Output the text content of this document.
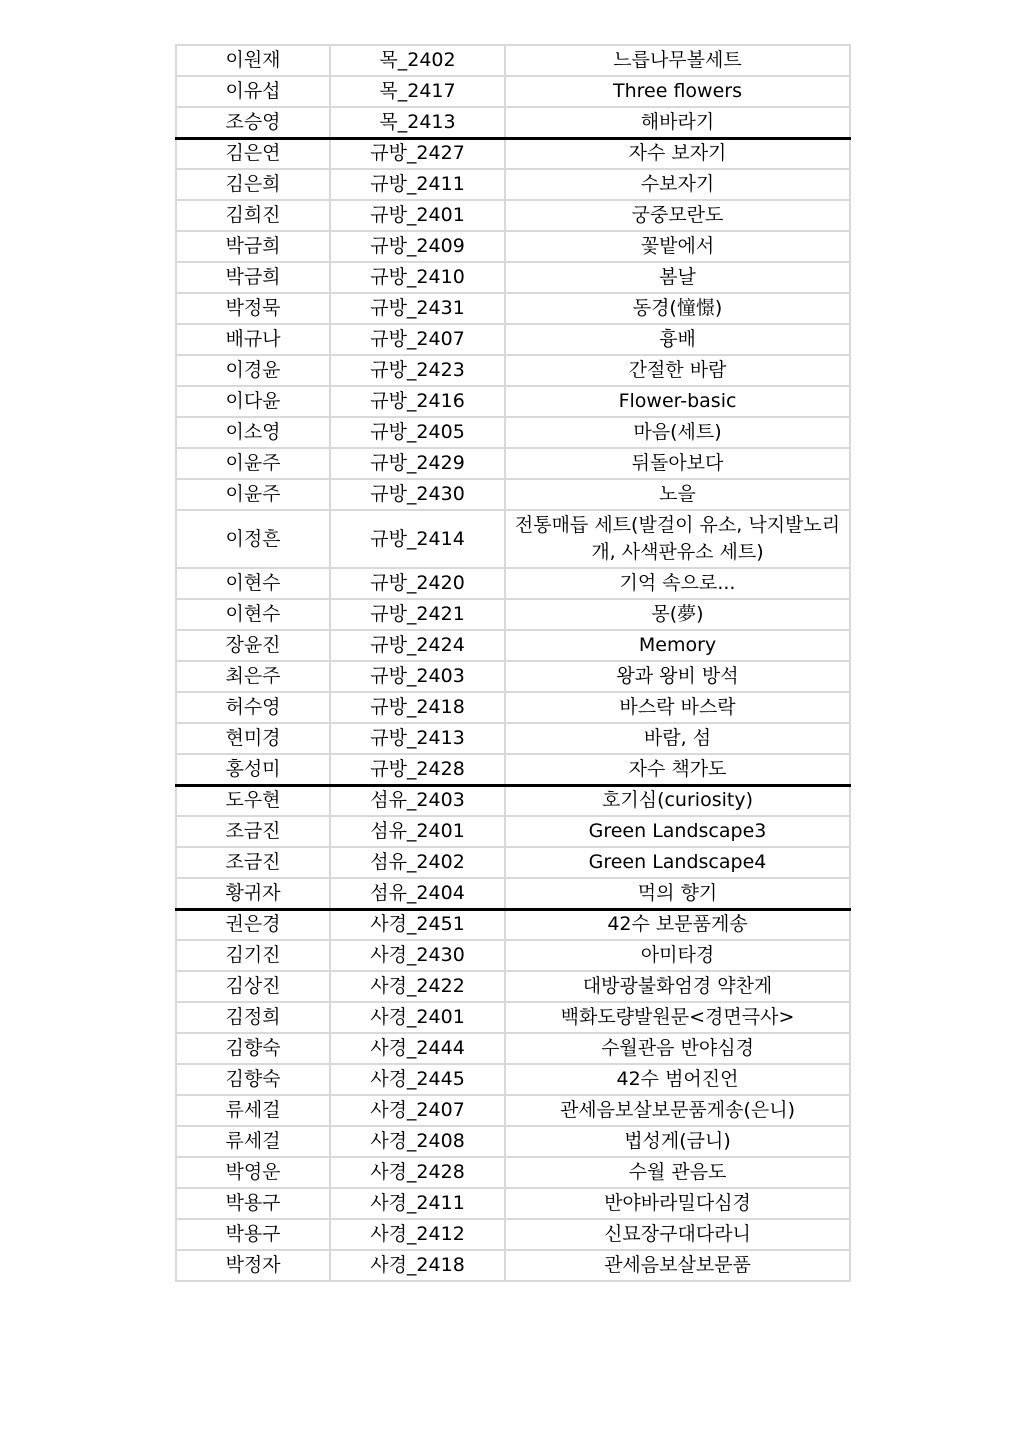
이원재	목_2402	느릅나무볼세트
이유섭	목_2417	Three flowers
조승영	목_2413	해바라기
김은연	규방_2427	자수 보자기
김은희	규방_2411	수보자기
김희진	규방_2401	궁중모란도
박금희	규방_2409	꽃밭에서
박금희	규방_2410	봄날
박정묵	규방_2431	동경(憧憬)
배규나	규방_2407	흉배
이경윤	규방_2423	간절한 바람
이다윤	규방_2416	Flower-basic
이소영	규방_2405	마음(세트)
이윤주	규방_2429	뒤돌아보다
이윤주	규방_2430	노을
이정흔	규방_2414	전통매듭 세트(발걸이 유소, 낙지발노리개, 사색판유소 세트)
이현수	규방_2420	기억 속으로...
이현수	규방_2421	몽(夢)
장윤진	규방_2424	Memory
최은주	규방_2403	왕과 왕비 방석
허수영	규방_2418	바스락 바스락
현미경	규방_2413	바람, 섬
홍성미	규방_2428	자수 책가도
도우현	섬유_2403	호기심(curiosity)
조금진	섬유_2401	Green Landscape3
조금진	섬유_2402	Green Landscape4
황귀자	섬유_2404	먹의 향기
권은경	사경_2451	42수 보문품게송
김기진	사경_2430	아미타경
김상진	사경_2422	대방광불화엄경 약찬게
김정희	사경_2401	백화도량발원문<경면극사>
김향숙	사경_2444	수월관음 반야심경
김향숙	사경_2445	42수 범어진언
류세걸	사경_2407	관세음보살보문품게송(은니)
류세걸	사경_2408	법성게(금니)
박영운	사경_2428	수월 관음도
박용구	사경_2411	반야바라밀다심경
박용구	사경_2412	신묘장구대다라니
박정자	사경_2418	관세음보살보문품
